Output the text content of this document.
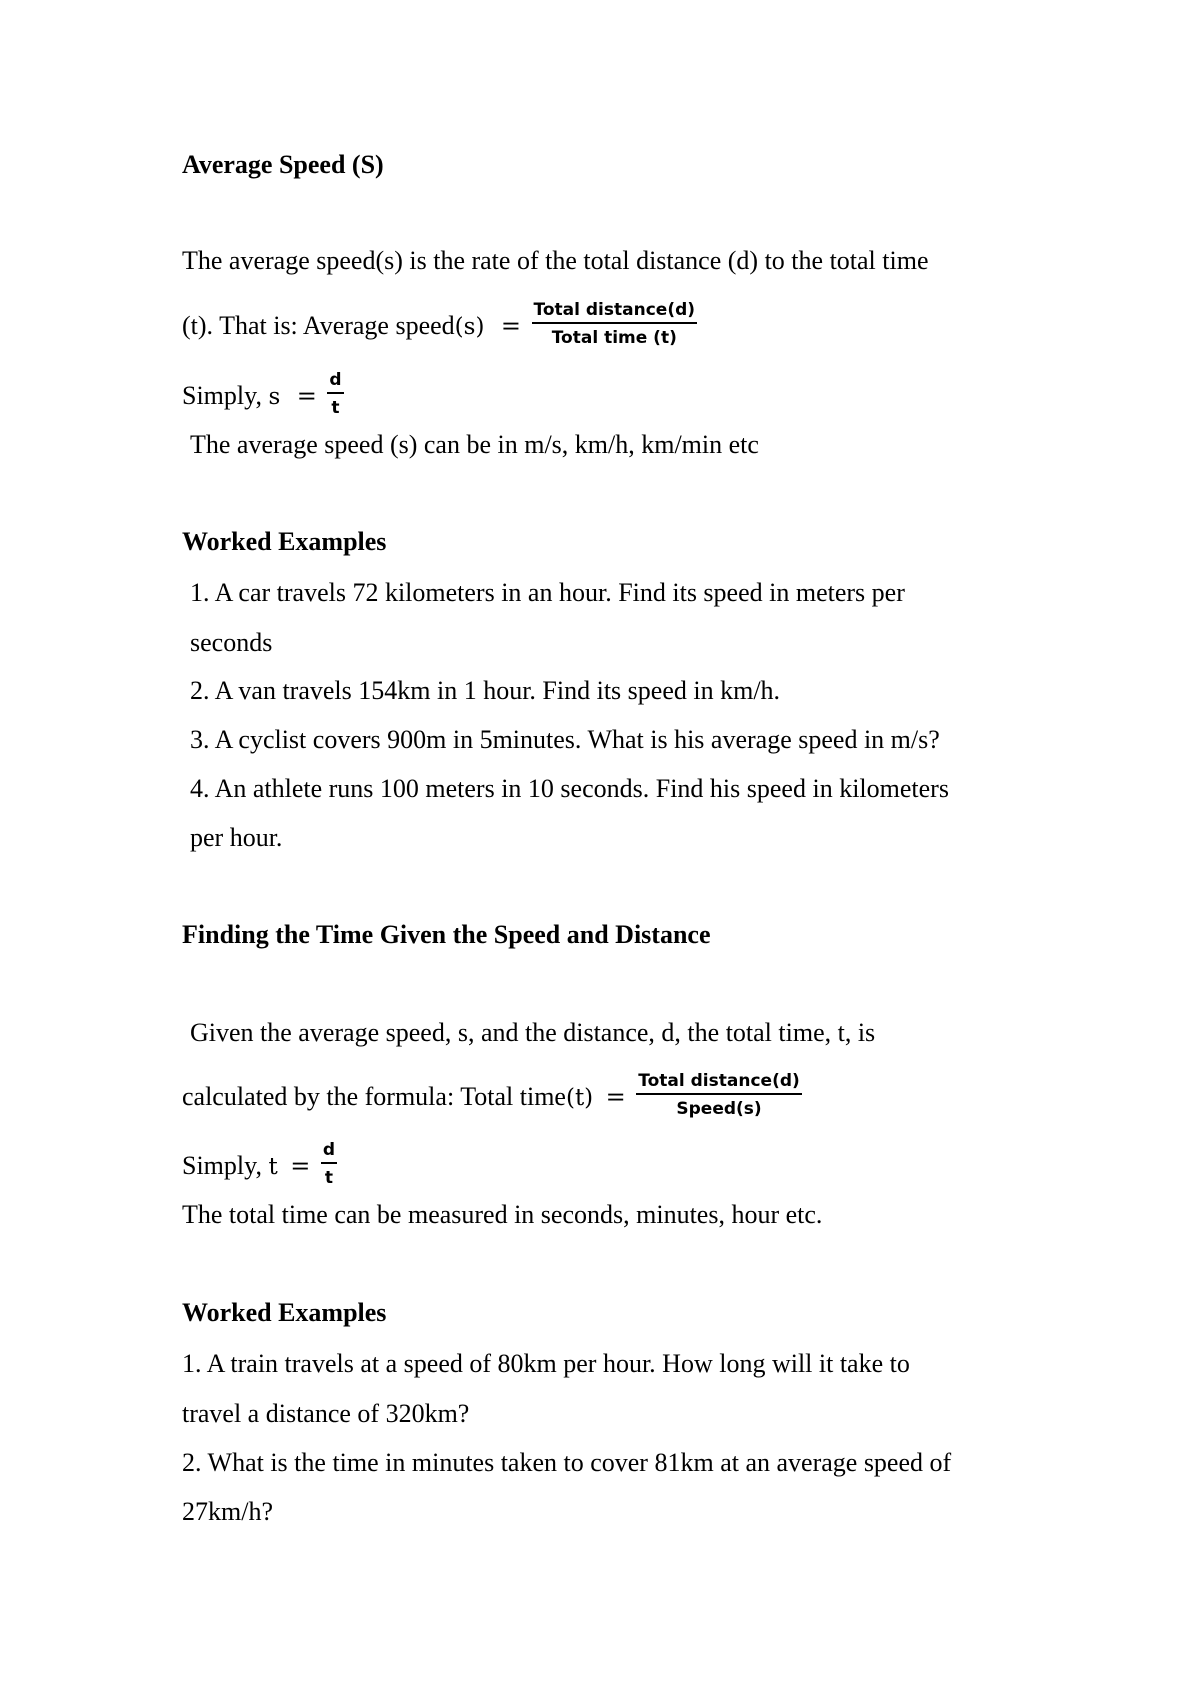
Average Speed (S)
The average speed(s) is the rate of the total distance (d) to the total time
(t). That is: Average speed(s) = $\frac{\text{Total distance(d)}}{\text{Total time (t)}}$
Simply, $s = \frac{d}{t}$
The average speed (s) can be in m/s, km/h, km/min etc
Worked Examples
1. A car travels 72 kilometers in an hour. Find its speed in meters per
seconds
2. A van travels 154km in 1 hour. Find its speed in km/h.
3. A cyclist covers 900m in 5minutes. What is his average speed in m/s?
4. An athlete runs 100 meters in 10 seconds. Find his speed in kilometers
per hour.
Finding the Time Given the Speed and Distance
Given the average speed, s, and the distance, d, the total time, t, is
calculated by the formula: Total time(t) = $\frac{\text{Total distance(d)}}{\text{Speed(s)}}$
Simply, $t = \frac{d}{t}$
The total time can be measured in seconds, minutes, hour etc.
Worked Examples
1. A train travels at a speed of 80km per hour. How long will it take to
travel a distance of 320km?
2. What is the time in minutes taken to cover 81km at an average speed of
27km/h?
